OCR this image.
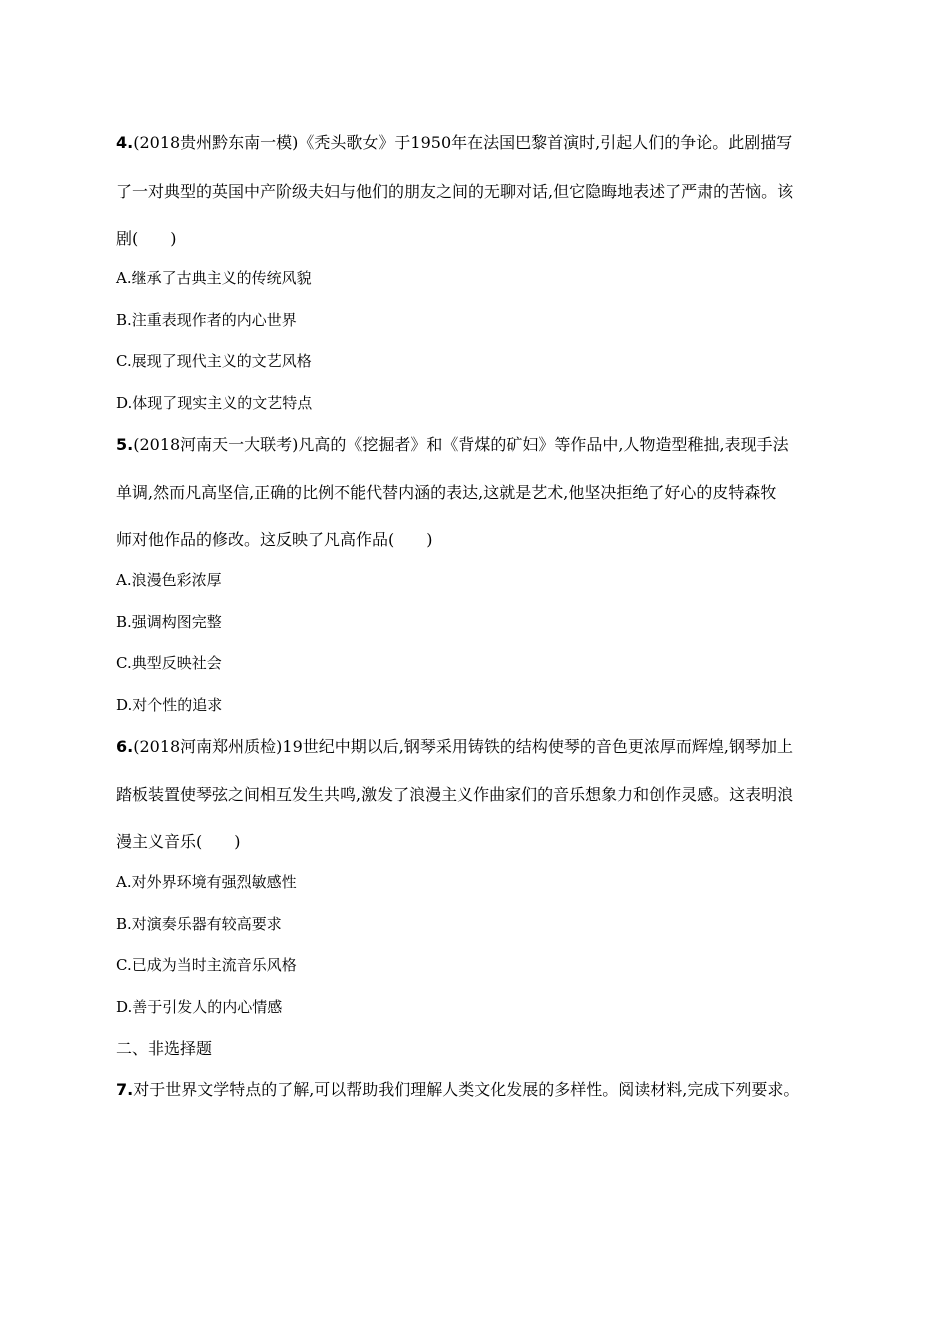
4.(2018贵州黔东南一模)《秃头歌女》于1950年在法国巴黎首演时,引起人们的争论。此剧描写
了一对典型的英国中产阶级夫妇与他们的朋友之间的无聊对话,但它隐晦地表述了严肃的苦恼。该
剧(　　)
A.继承了古典主义的传统风貌
B.注重表现作者的内心世界
C.展现了现代主义的文艺风格
D.体现了现实主义的文艺特点
5.(2018河南天一大联考)凡高的《挖掘者》和《背煤的矿妇》等作品中,人物造型稚拙,表现手法
单调,然而凡高坚信,正确的比例不能代替内涵的表达,这就是艺术,他坚决拒绝了好心的皮特森牧
师对他作品的修改。这反映了凡高作品(　　)
A.浪漫色彩浓厚
B.强调构图完整
C.典型反映社会
D.对个性的追求
6.(2018河南郑州质检)19世纪中期以后,钢琴采用铸铁的结构使琴的音色更浓厚而辉煌,钢琴加上
踏板装置使琴弦之间相互发生共鸣,激发了浪漫主义作曲家们的音乐想象力和创作灵感。这表明浪
漫主义音乐(　　)
A.对外界环境有强烈敏感性
B.对演奏乐器有较高要求
C.已成为当时主流音乐风格
D.善于引发人的内心情感
二、非选择题
7.对于世界文学特点的了解,可以帮助我们理解人类文化发展的多样性。阅读材料,完成下列要求。
